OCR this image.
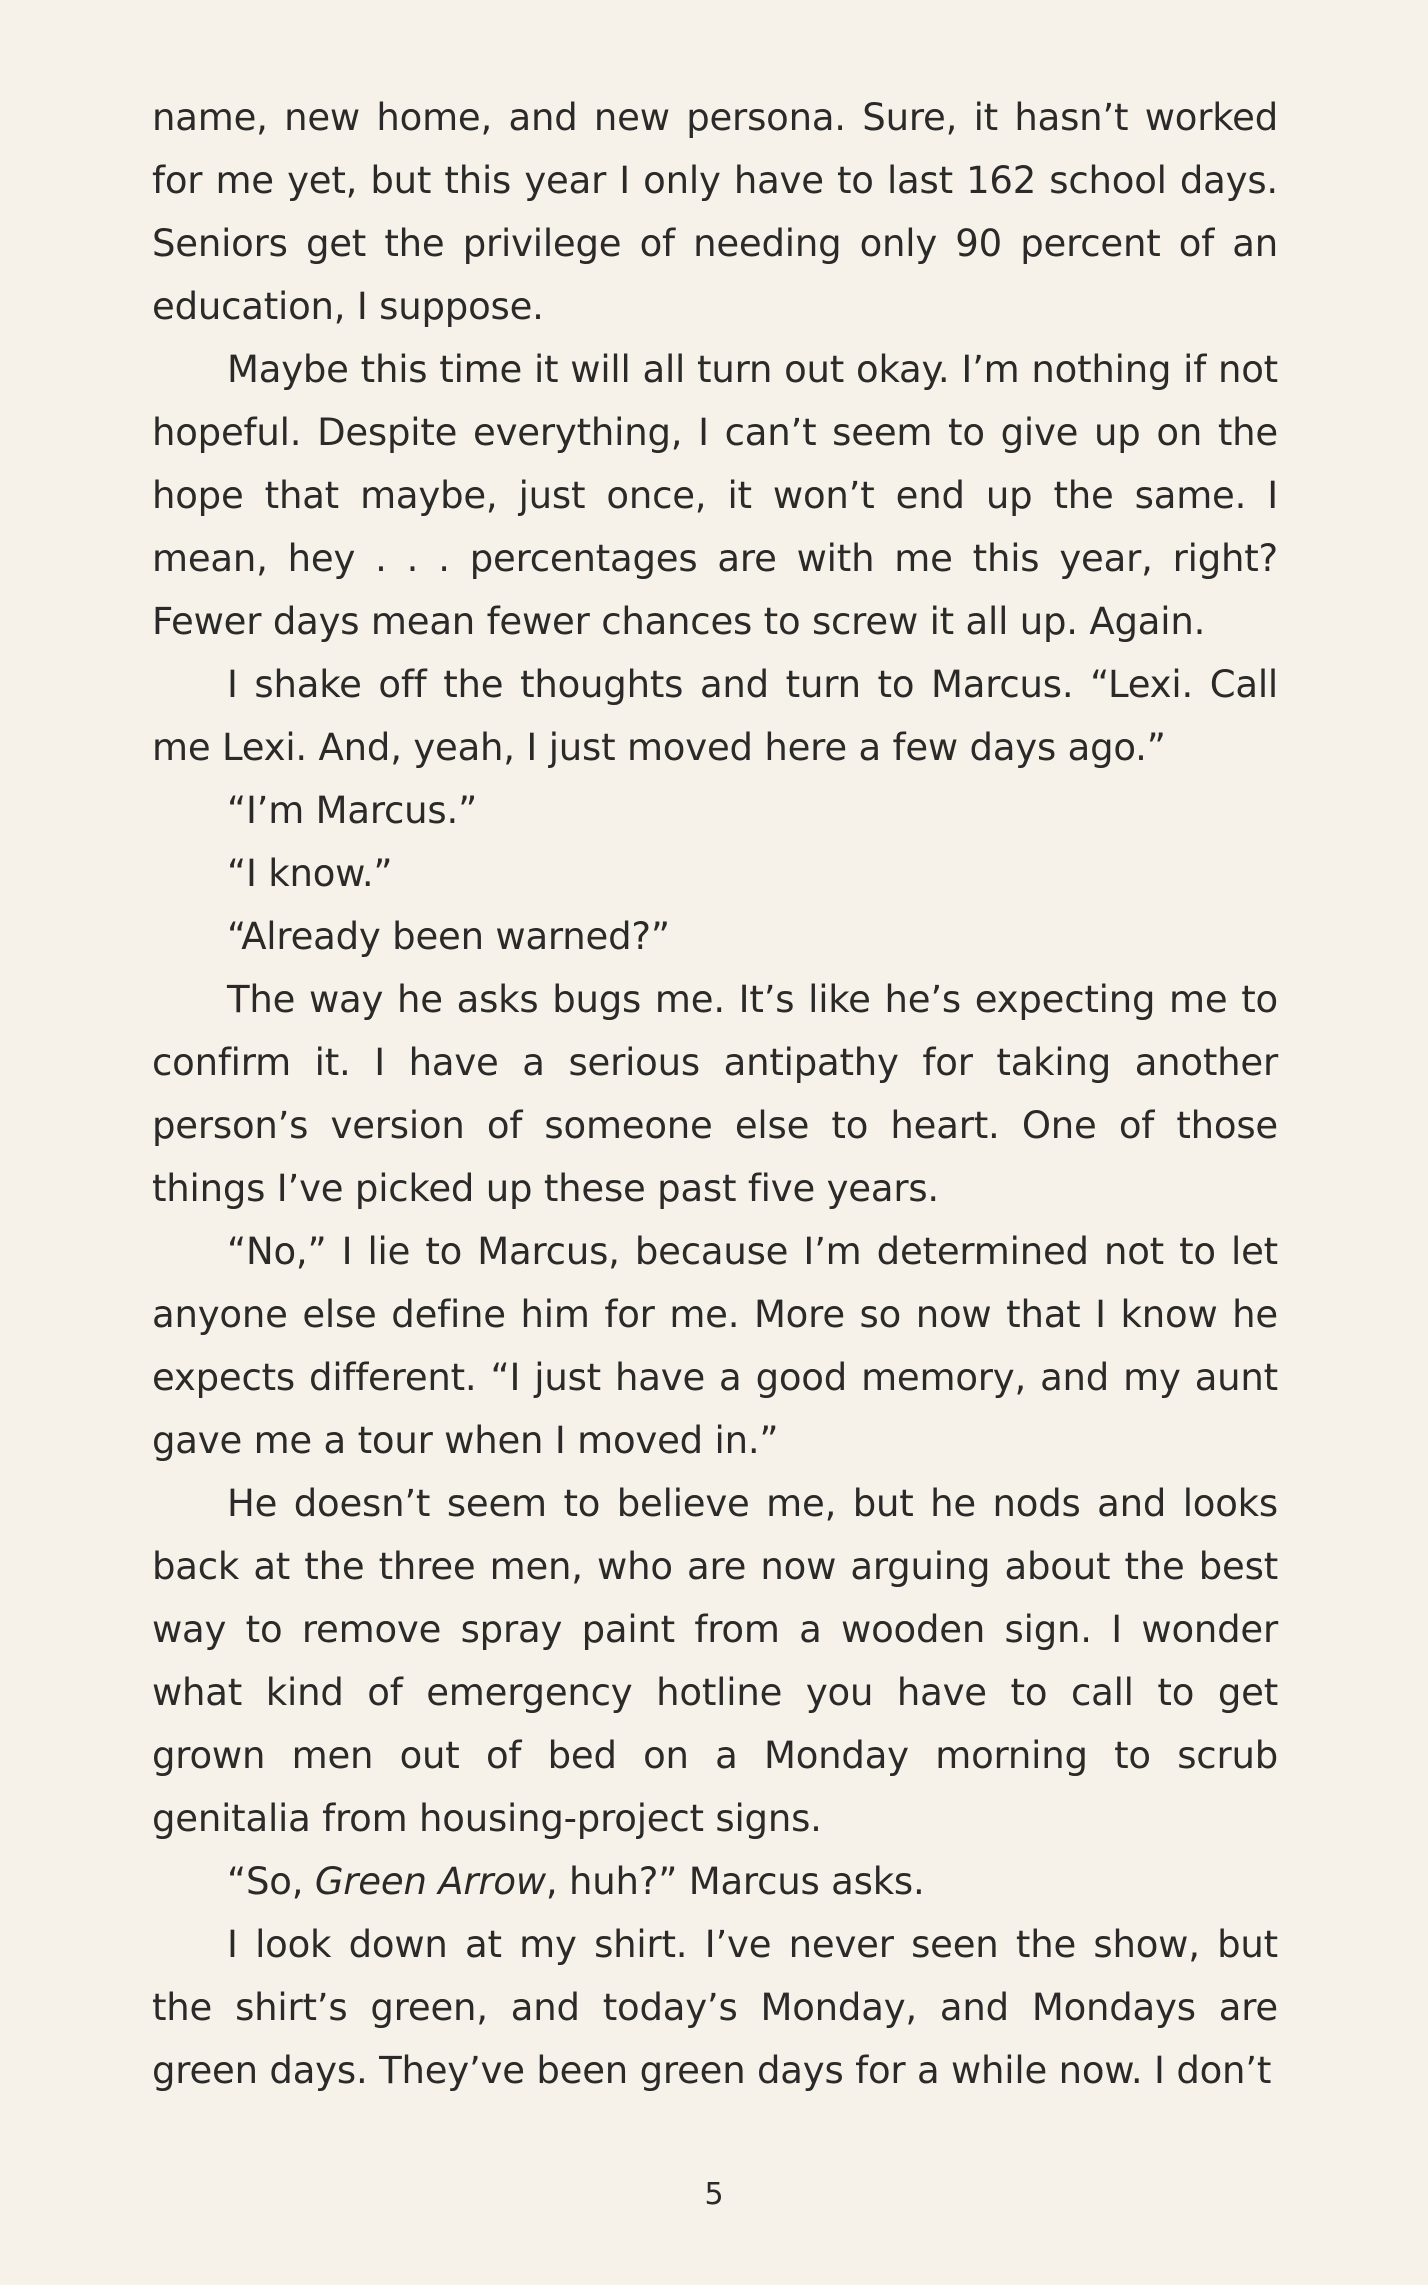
name, new home, and new persona. Sure, it hasn’t worked for me yet, but this year I only have to last 162 school days. Seniors get the privilege of needing only 90 percent of an education, I suppose.

Maybe this time it will all turn out okay. I’m nothing if not hopeful. Despite everything, I can’t seem to give up on the hope that maybe, just once, it won’t end up the same. I mean, hey . . . percentages are with me this year, right? Fewer days mean fewer chances to screw it all up. Again.

I shake off the thoughts and turn to Marcus. “Lexi. Call me Lexi. And, yeah, I just moved here a few days ago.”

“I’m Marcus.”

“I know.”

“Already been warned?”

The way he asks bugs me. It’s like he’s expecting me to confirm it. I have a serious antipathy for taking another person’s version of someone else to heart. One of those things I’ve picked up these past five years.

“No,” I lie to Marcus, because I’m determined not to let anyone else define him for me. More so now that I know he expects different. “I just have a good memory, and my aunt gave me a tour when I moved in.”

He doesn’t seem to believe me, but he nods and looks back at the three men, who are now arguing about the best way to remove spray paint from a wooden sign. I wonder what kind of emergency hotline you have to call to get grown men out of bed on a Monday morning to scrub genitalia from housing-project signs.

“So, Green Arrow, huh?” Marcus asks.

I look down at my shirt. I’ve never seen the show, but the shirt’s green, and today’s Monday, and Mondays are green days. They’ve been green days for a while now. I don’t

5
